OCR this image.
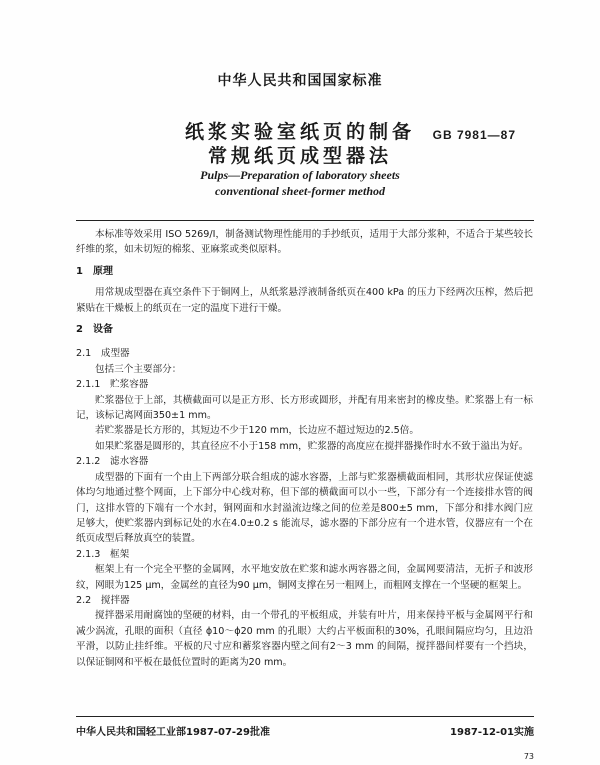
中华人民共和国国家标准
纸浆实验室纸页的制备
常规纸页成型器法
GB 7981—87
Pulps—Preparation of laboratory sheets
conventional sheet-former method

本标准等效采用 ISO 5269/Ⅰ，制备测试物理性能用的手抄纸页，适用于大部分浆种，不适合于某些较长纤维的浆，如未切短的棉浆、亚麻浆或类似原料。

1　原理

用常规成型器在真空条件下于铜网上，从纸浆悬浮液制备纸页在400 kPa 的压力下经两次压榨，然后把紧贴在干燥板上的纸页在一定的温度下进行干燥。

2　设备

2.1　成型器

包括三个主要部分：

2.1.1　贮浆容器

贮浆器位于上部，其横截面可以是正方形、长方形或圆形，并配有用来密封的橡皮垫。贮浆器上有一标记，该标记离网面350±1 mm。

若贮浆器是长方形的，其短边不少于120 mm，长边应不超过短边的2.5倍。

如果贮浆器是圆形的，其直径应不小于158 mm，贮浆器的高度应在搅拌器操作时水不致于溢出为好。

2.1.2　滤水容器

成型器的下面有一个由上下两部分联合组成的滤水容器，上部与贮浆器横截面相同，其形状应保证使滤体均匀地通过整个网面，上下部分中心线对称，但下部的横截面可以小一些，下部分有一个连接排水管的阀门，这排水管的下端有一个水封，铜网面和水封溢流边缘之间的位差是800±5 mm，下部分和排水阀门应足够大，使贮浆器内到标记处的水在4.0±0.2 s 能流尽，滤水器的下部分应有一个进水管，仪器应有一个在纸页成型后释放真空的装置。

2.1.3　框架

框架上有一个完全平整的金属网，水平地安放在贮浆和滤水两容器之间，金属网要清洁，无折子和波形纹，网眼为125 μm，金属丝的直径为90 μm，铜网支撑在另一粗网上，而粗网支撑在一个坚硬的框架上。

2.2　搅拌器

搅拌器采用耐腐蚀的坚硬的材料，由一个带孔的平板组成，并装有叶片，用来保持平板与金属网平行和减少涡流，孔眼的面积（直径 ϕ10～ϕ20 mm 的孔眼）大约占平板面积的30%，孔眼间隔应均匀，且边沿平滑，以防止挂纤维。平板的尺寸应和蓄浆容器内壁之间有2～3 mm 的间隔，搅拌器间样要有一个挡块，以保证铜网和平板在最低位置时的距离为20 mm。

中华人民共和国轻工业部1987-07-29批准	1987-12-01实施
73
